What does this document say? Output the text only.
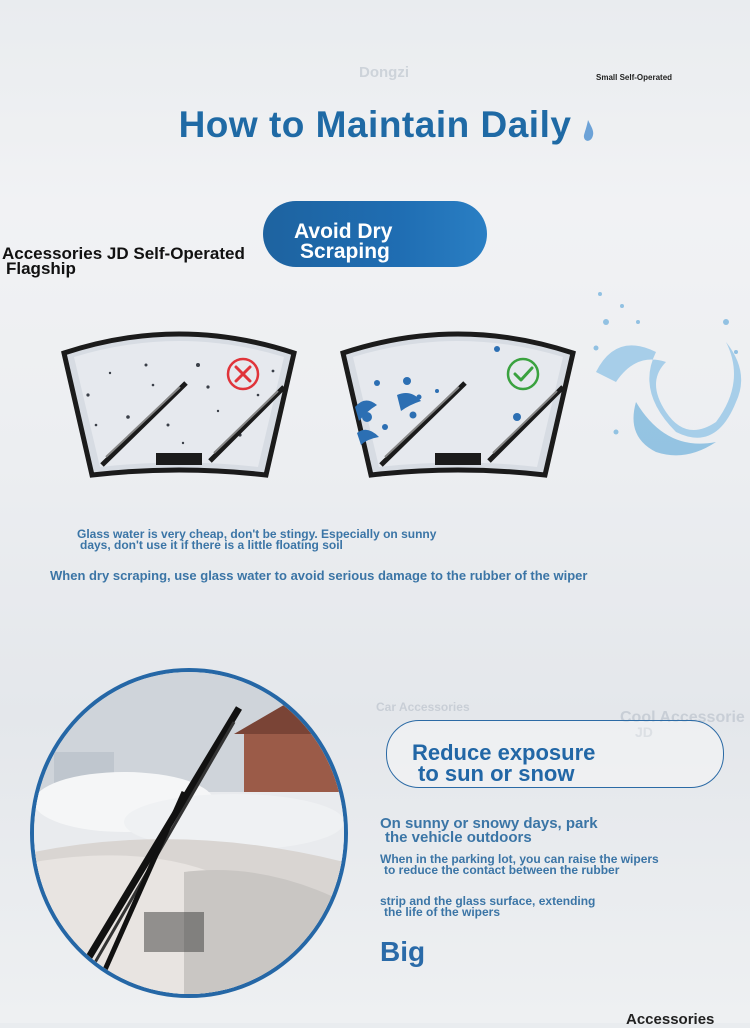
Dongzi	Small Self-Operated
Car Accessories
Cool Accessorie
JD
Accessories
How to Maintain Daily
Avoid Dry
Scraping
Accessories JD Self-Operated
Flagship
Glass water is very cheap, don't be stingy. Especially on sunny
days, don't use it if there is a little floating soil
When dry scraping, use glass water to avoid serious damage to the rubber of the wiper
Reduce exposure
to sun or snow
On sunny or snowy days, park
the vehicle outdoors
When in the parking lot, you can raise the wipers
to reduce the contact between the rubber
strip and the glass surface, extending
the life of the wipers
Big
